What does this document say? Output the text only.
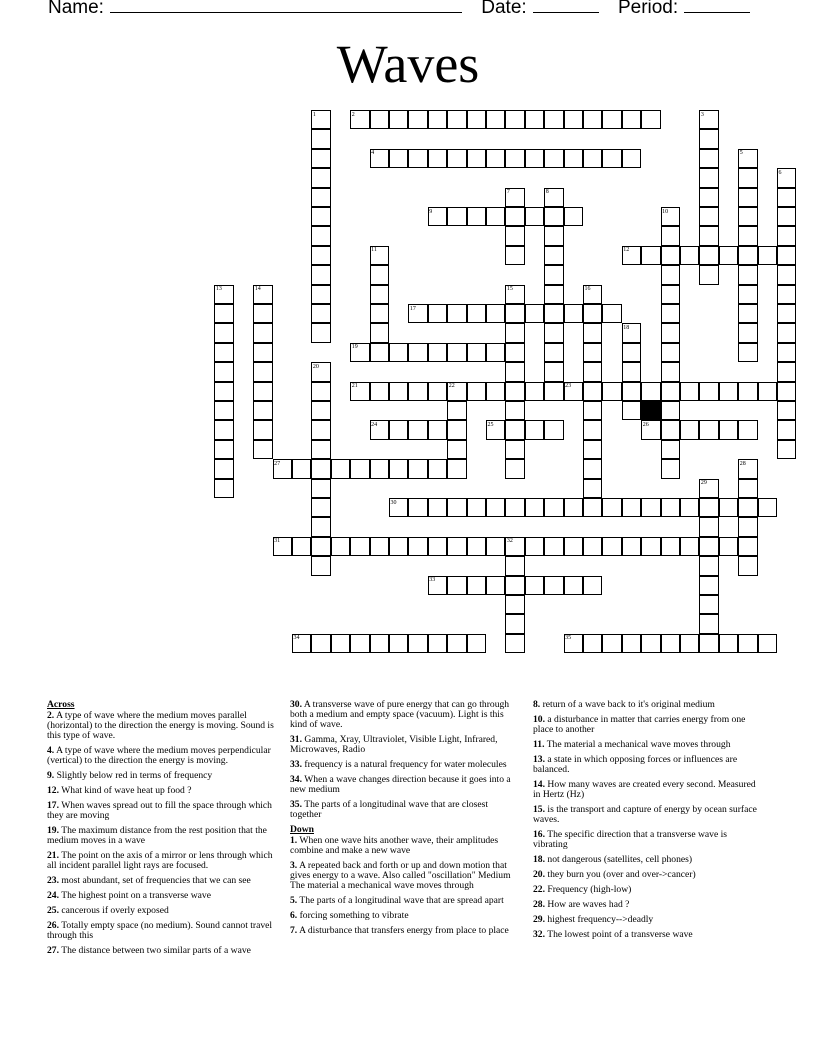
Name:	Date:	Period:
Waves
1	2	3
4	5
6
7	8
9	10
11	12
13	14	15	16
17
18
19
20
21	22	23
24	25	26
27	28
29
30
31	32
33
34	35
Across
2. A type of wave where the medium moves parallel (horizontal) to the direction the energy is moving. Sound is this type of wave.
4. A type of wave where the medium moves perpendicular (vertical) to the direction the energy is moving.
9. Slightly below red in terms of frequency
12. What kind of wave heat up food ?
17. When waves spread out to fill the space through which they are moving
19. The maximum distance from the rest position that the medium moves in a wave
21. The point on the axis of a mirror or lens through which all incident parallel light rays are focused.
23. most abundant, set of frequencies that we can see
24. The highest point on a transverse wave
25. cancerous if overly exposed
26. Totally empty space (no medium). Sound cannot travel through this
27. The distance between two similar parts of a wave
30. A transverse wave of pure energy that can go through both a medium and empty space (vacuum). Light is this kind of wave.
31. Gamma, Xray, Ultraviolet, Visible Light, Infrared, Microwaves, Radio
33. frequency is a natural frequency for water molecules
34. When a wave changes direction because it goes into a new medium
35. The parts of a longitudinal wave that are closest together
Down
1. When one wave hits another wave, their amplitudes combine and make a new wave
3. A repeated back and forth or up and down motion that gives energy to a wave. Also called "oscillation" Medium The material a mechanical wave moves through
5. The parts of a longitudinal wave that are spread apart
6. forcing something to vibrate
7. A disturbance that transfers energy from place to place
8. return of a wave back to it's original medium
10. a disturbance in matter that carries energy from one place to another
11. The material a mechanical wave moves through
13. a state in which opposing forces or influences are balanced.
14. How many waves are created every second. Measured in Hertz (Hz)
15. is the transport and capture of energy by ocean surface waves.
16. The specific direction that a transverse wave is vibrating
18. not dangerous (satellites, cell phones)
20. they burn you (over and over->cancer)
22. Frequency (high-low)
28. How are waves had ?
29. highest frequency-->deadly
32. The lowest point of a transverse wave
